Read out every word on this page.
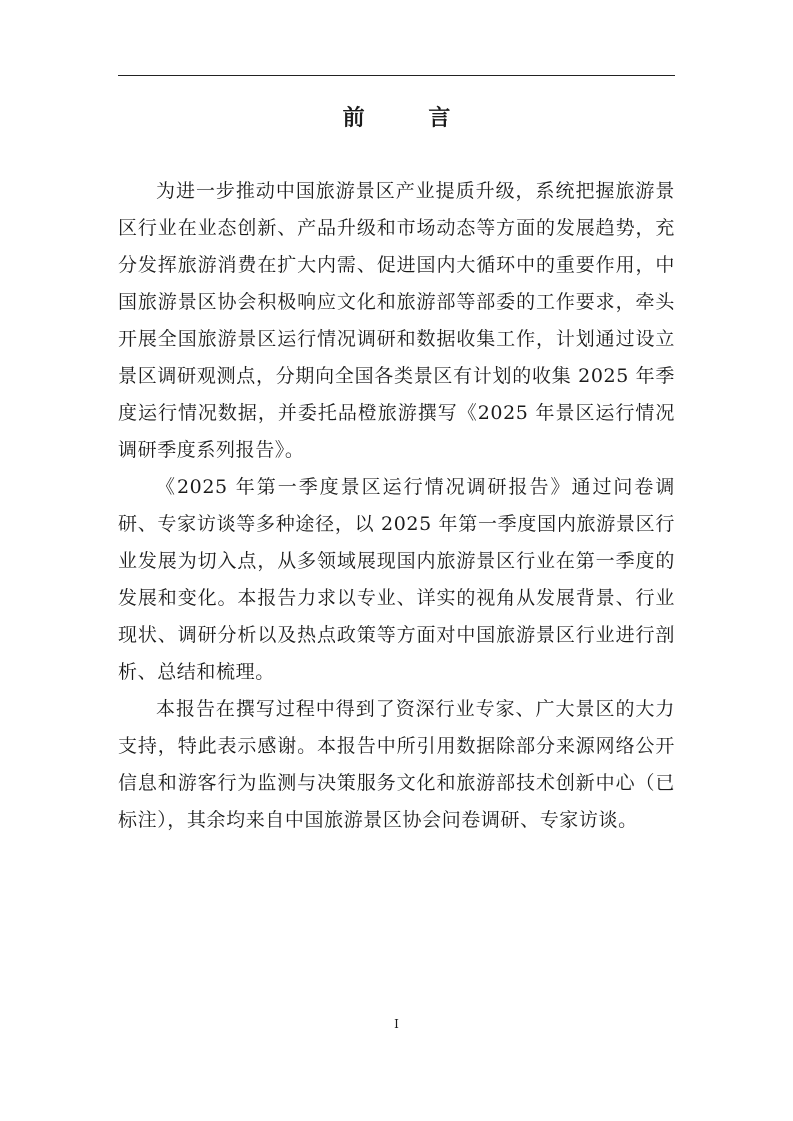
前 言

为进一步推动中国旅游景区产业提质升级，系统把握旅游景区行业在业态创新、产品升级和市场动态等方面的发展趋势，充分发挥旅游消费在扩大内需、促进国内大循环中的重要作用，中国旅游景区协会积极响应文化和旅游部等部委的工作要求，牵头开展全国旅游景区运行情况调研和数据收集工作，计划通过设立景区调研观测点，分期向全国各类景区有计划的收集 2025 年季度运行情况数据，并委托品橙旅游撰写《2025 年景区运行情况调研季度系列报告》。

《2025 年第一季度景区运行情况调研报告》通过问卷调研、专家访谈等多种途径，以 2025 年第一季度国内旅游景区行业发展为切入点，从多领域展现国内旅游景区行业在第一季度的发展和变化。本报告力求以专业、详实的视角从发展背景、行业现状、调研分析以及热点政策等方面对中国旅游景区行业进行剖析、总结和梳理。

本报告在撰写过程中得到了资深行业专家、广大景区的大力支持，特此表示感谢。本报告中所引用数据除部分来源网络公开信息和游客行为监测与决策服务文化和旅游部技术创新中心（已标注），其余均来自中国旅游景区协会问卷调研、专家访谈。

I
